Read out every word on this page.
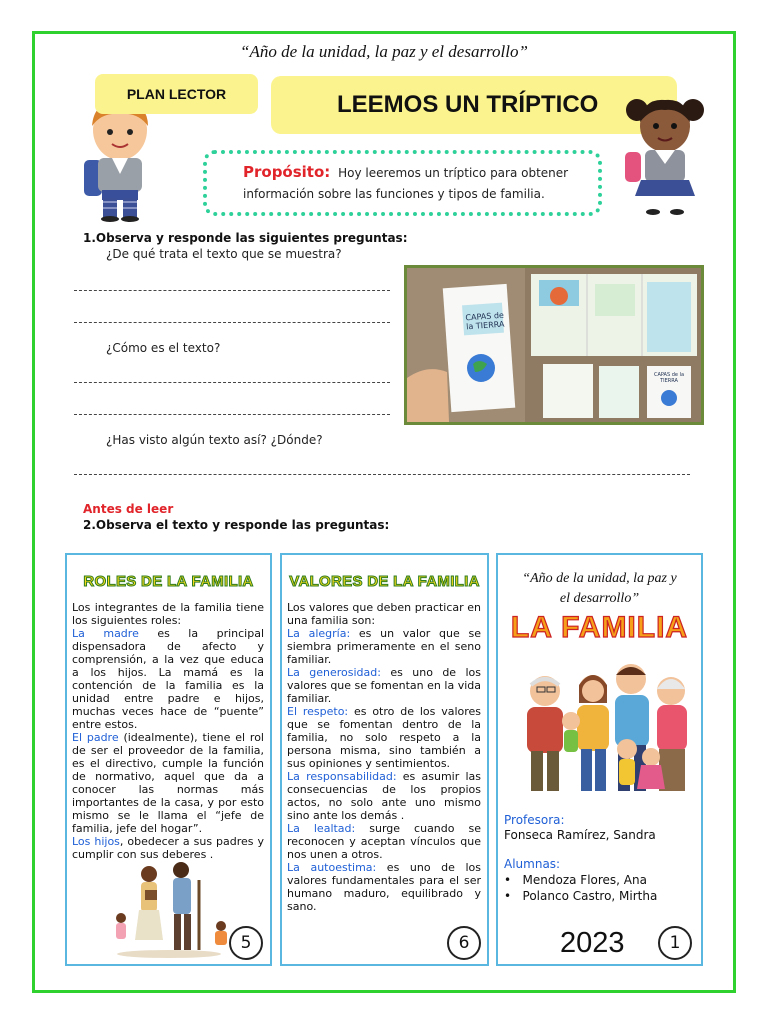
“Año de la unidad, la paz y el desarrollo”
PLAN LECTOR	LEEMOS UN TRÍPTICO
Propósito: Hoy leeremos un tríptico para obtener información sobre las funciones y tipos de familia.
1.Observa y responde las siguientes preguntas:
¿De qué trata el texto que se muestra?
¿Cómo es el texto?
¿Has visto algún texto así? ¿Dónde?
CAPAS de la TIERRA
CAPAS de la TIERRA
Antes de leer
2.Observa el texto y responde las preguntas:
ROLES DE LA FAMILIA

Los integrantes de la familia tiene los siguientes roles:

La madre es la principal dispensadora de afecto y comprensión, a la vez que educa a los hijos. La mamá es la contención de la familia es la unidad entre padre e hijos, muchas veces hace de “puente” entre estos.

El padre (idealmente), tiene el rol de ser el proveedor de la familia, es el directivo, cumple la función de normativo, aquel que da a conocer las normas más importantes de la casa, y por esto mismo se le llama el “jefe de familia, jefe del hogar”.

Los hijos, obedecer a sus padres y cumplir con sus deberes .

5
VALORES DE LA FAMILIA

Los valores que deben practicar en una familia son:

La alegría: es un valor que se siembra primeramente en el seno familiar.

La generosidad: es uno de los valores que se fomentan en la vida familiar.

El respeto: es otro de los valores que se fomentan dentro de la familia, no solo respeto a la persona misma, sino también a sus opiniones y sentimientos.

La responsabilidad: es asumir las consecuencias de los propios actos, no solo ante uno mismo sino ante los demás .

La lealtad: surge cuando se reconocen y aceptan vínculos que nos unen a otros.

La autoestima: es uno de los valores fundamentales para el ser humano maduro, equilibrado y sano.

6
“Año de la unidad, la paz y
el desarrollo”
LA FAMILIA
Profesora:
Fonseca Ramírez, Sandra
Alumnas:
•   Mendoza Flores, Ana
•   Polanco Castro, Mirtha
2023	1
